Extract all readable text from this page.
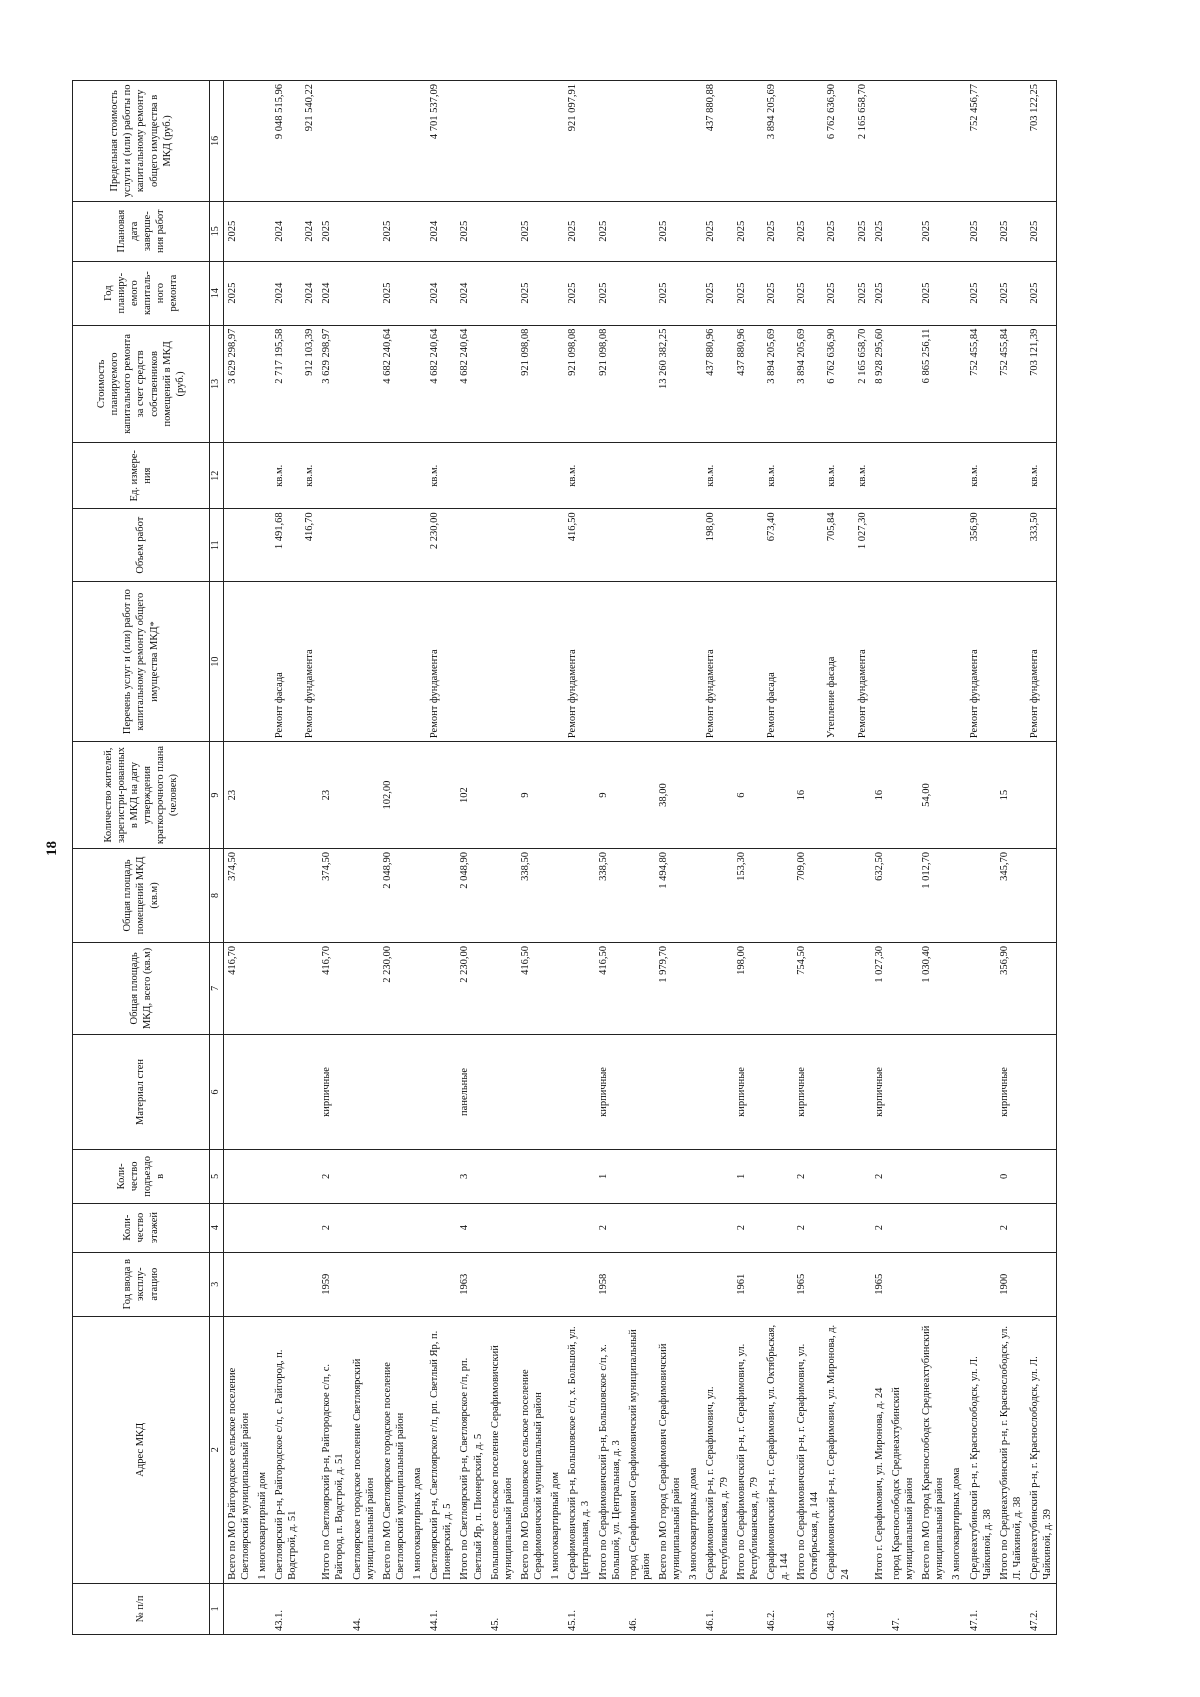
18
№ п/п	Адрес МКД	Год ввода в эксплу-атацию	Коли-чество этажей	Коли-чество подъездо в	Материал стен	Общая площадь МКД, всего (кв.м)	Общая площадь помещений МКД (кв.м)	Количество жителей, зарегистри-рованных в МКД на дату утверждения краткосрочного плана (человек)	Перечень услуг и (или) работ по капитальному ремонту общего имущества МКД*	Объем работ	Ед. измере-ния	Стоимость планируемого капитального ремонта за счет средств собственников помещений в МКД (руб.)	Год планиру-емого капиталь-ного ремонта	Плановая дата заверше-ния работ	Предельная стоимость услуги и (или) работы по капитальному ремонту общего имущества в МКД (руб.)
1	2	3	4	5	6	7	8	9	10	11	12	13	14	15	16
	Всего по МО Райгородское сельское поселение Светлоярский муниципальный район					416,70	374,50	23				3 629 298,97	2025	2025	
	1 многоквартирный дом														
43.1.	Светлоярский р-н, Райгородское с/п, с. Райгород, п. Водстрой, д. 51								Ремонт фасада	1 491,68	кв.м.	2 717 195,58	2024	2024	9 048 515,96
									Ремонт фундамента	416,70	кв.м.	912 103,39	2024	2024	921 540,22
	Итого по Светлоярский р-н, Райгородское с/п, с. Райгород, п. Водстрой, д. 51	1959	2	2	кирпичные	416,70	374,50	23				3 629 298,97	2024	2025	
44.	Светлоярское городское поселение Светлоярский муниципальный район														
	Всего по МО Светлоярское городское поселение Светлоярский муниципальный район					2 230,00	2 048,90	102,00				4 682 240,64	2025	2025	
	1 многоквартирных дома														
44.1.	Светлоярский р-н, Светлоярское г/п, рп. Светлый Яр, п. Пионерский, д. 5								Ремонт фундамента	2 230,00	кв.м.	4 682 240,64	2024	2024	4 701 537,09
	Итого по Светлоярский р-н, Светлоярское г/п, рп. Светлый Яр, п. Пионерский, д. 5	1963	4	3	панельные	2 230,00	2 048,90	102				4 682 240,64	2024	2025	
45.	Большовское сельское поселение Серафимовичский муниципальный район														
	Всего по МО Большовское сельское поселение Серафимовичский муниципальный район					416,50	338,50	9				921 098,08	2025	2025	
	1 многоквартирный дом														
45.1.	Серафимовичский р-н, Большовское с/п, х. Большой, ул. Центральная, д. 3								Ремонт фундамента	416,50	кв.м.	921 098,08	2025	2025	921 097,91
	Итого по Серафимовичский р-н, Большовское с/п, х. Большой, ул. Центральная, д. 3	1958	2	1	кирпичные	416,50	338,50	9				921 098,08	2025	2025	
46.	город Серафимович Серафимовичский муниципальный район														
	Всего по МО город Серафимович Серафимовичский муниципальный район					1 979,70	1 494,80	38,00				13 260 382,25	2025	2025	
	3 многоквартирных дома														
46.1.	Серафимовичский р-н, г. Серафимович, ул. Республиканская, д. 79								Ремонт фундамента	198,00	кв.м.	437 880,96	2025	2025	437 880,88
	Итого по Серафимовичский р-н, г. Серафимович, ул. Республиканская, д. 79	1961	2	1	кирпичные	198,00	153,30	6				437 880,96	2025	2025	
46.2.	Серафимовичский р-н, г. Серафимович, ул. Октябрьская, д. 144								Ремонт фасада	673,40	кв.м.	3 894 205,69	2025	2025	3 894 205,69
	Итого по Серафимовичский р-н, г. Серафимович, ул. Октябрьская, д. 144	1965	2	2	кирпичные	754,50	709,00	16				3 894 205,69	2025	2025	
46.3.	Серафимовичский р-н, г. Серафимович, ул. Миронова, д. 24								Утепление фасада	705,84	кв.м.	6 762 636,90	2025	2025	6 762 636,90
									Ремонт фундамента	1 027,30	кв.м.	2 165 658,70	2025	2025	2 165 658,70
	Итого г. Серафимович, ул. Миронова, д. 24	1965	2	2	кирпичные	1 027,30	632,50	16				8 928 295,60	2025	2025	
47.	город Краснослободск Среднеахтубинский муниципальный район														
	Всего по МО город Краснослободск Среднеахтубинский муниципальный район					1 030,40	1 012,70	54,00				6 865 256,11	2025	2025	
	3 многоквартирных дома														
47.1.	Среднеахтубинский р-н, г. Краснослободск, ул. Л. Чайкиной, д. 38								Ремонт фундамента	356,90	кв.м.	752 455,84	2025	2025	752 456,77
	Итого по Среднеахтубинский р-н, г. Краснослободск, ул. Л. Чайкиной, д. 38	1900	2	0	кирпичные	356,90	345,70	15				752 455,84	2025	2025	
47.2.	Среднеахтубинский р-н, г. Краснослободск, ул. Л. Чайкиной, д. 39								Ремонт фундамента	333,50	кв.м.	703 121,39	2025	2025	703 122,25
